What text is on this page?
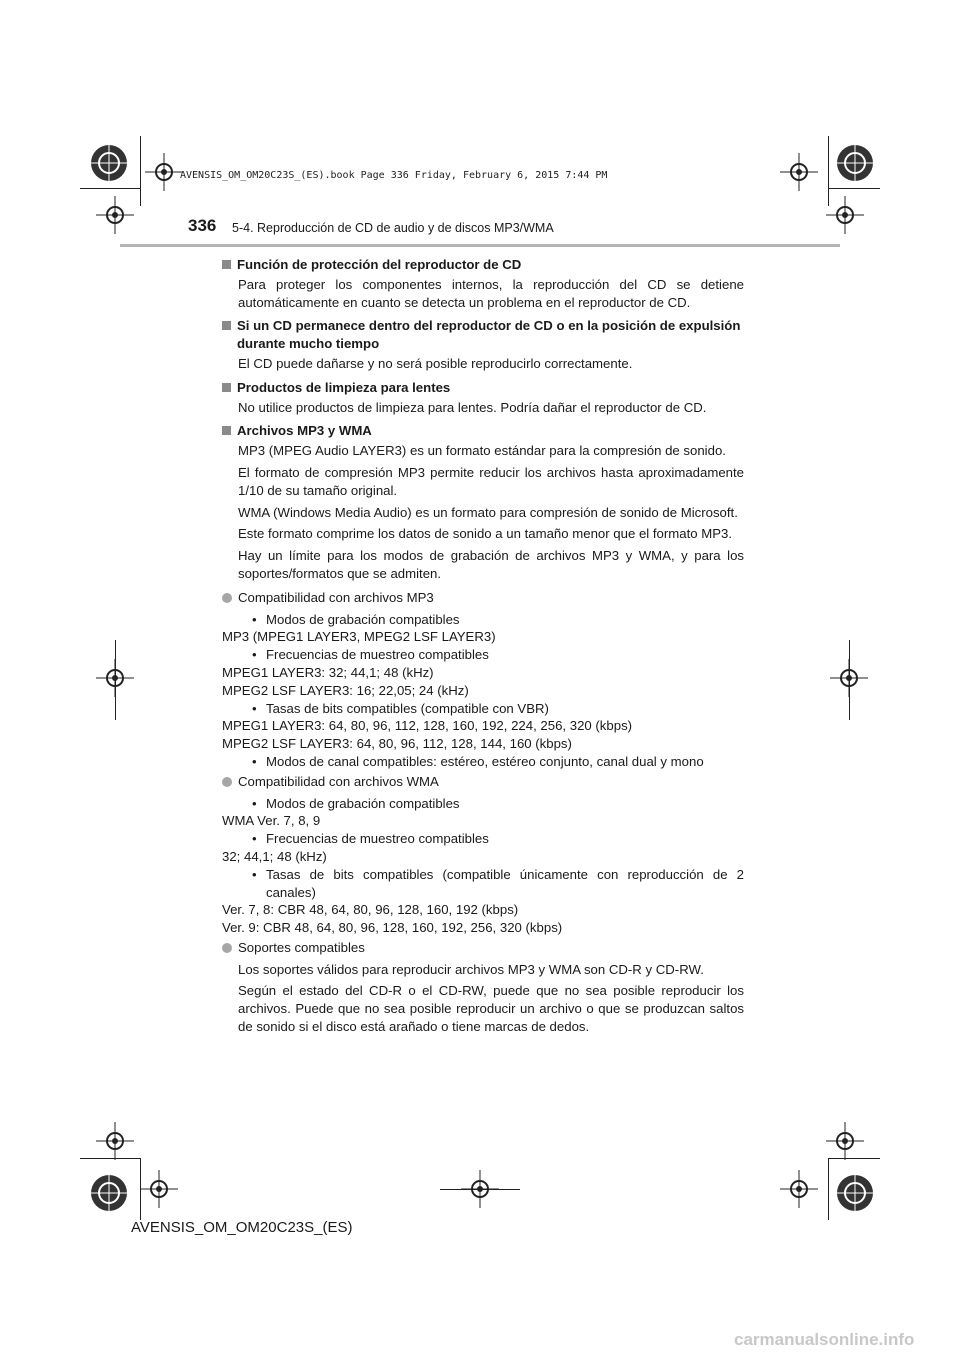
AVENSIS_OM_OM20C23S_(ES).book Page 336 Friday, February 6, 2015 7:44 PM
336 5-4. Reproducción de CD de audio y de discos MP3/WMA

Función de protección del reproductor de CD

Para proteger los componentes internos, la reproducción del CD se detiene automáticamente en cuanto se detecta un problema en el reproductor de CD.

Si un CD permanece dentro del reproductor de CD o en la posición de expulsión durante mucho tiempo

El CD puede dañarse y no será posible reproducirlo correctamente.

Productos de limpieza para lentes

No utilice productos de limpieza para lentes. Podría dañar el reproductor de CD.

Archivos MP3 y WMA

MP3 (MPEG Audio LAYER3) es un formato estándar para la compresión de sonido.

El formato de compresión MP3 permite reducir los archivos hasta aproximadamente 1/10 de su tamaño original.

WMA (Windows Media Audio) es un formato para compresión de sonido de Microsoft.

Este formato comprime los datos de sonido a un tamaño menor que el formato MP3.

Hay un límite para los modos de grabación de archivos MP3 y WMA, y para los soportes/formatos que se admiten.

Compatibilidad con archivos MP3

• Modos de grabación compatibles

MP3 (MPEG1 LAYER3, MPEG2 LSF LAYER3)

• Frecuencias de muestreo compatibles

MPEG1 LAYER3: 32; 44,1; 48 (kHz)

MPEG2 LSF LAYER3: 16; 22,05; 24 (kHz)

• Tasas de bits compatibles (compatible con VBR)

MPEG1 LAYER3: 64, 80, 96, 112, 128, 160, 192, 224, 256, 320 (kbps)

MPEG2 LSF LAYER3: 64, 80, 96, 112, 128, 144, 160 (kbps)

• Modos de canal compatibles: estéreo, estéreo conjunto, canal dual y mono

Compatibilidad con archivos WMA

• Modos de grabación compatibles

WMA Ver. 7, 8, 9

• Frecuencias de muestreo compatibles

32; 44,1; 48 (kHz)

• Tasas de bits compatibles (compatible únicamente con reproducción de 2 canales)

Ver. 7, 8: CBR 48, 64, 80, 96, 128, 160, 192 (kbps)

Ver. 9: CBR 48, 64, 80, 96, 128, 160, 192, 256, 320 (kbps)

Soportes compatibles

Los soportes válidos para reproducir archivos MP3 y WMA son CD-R y CD-RW.

Según el estado del CD-R o el CD-RW, puede que no sea posible reproducir los archivos. Puede que no sea posible reproducir un archivo o que se produzcan saltos de sonido si el disco está arañado o tiene marcas de dedos.

AVENSIS_OM_OM20C23S_(ES)
carmanualsonline.info
